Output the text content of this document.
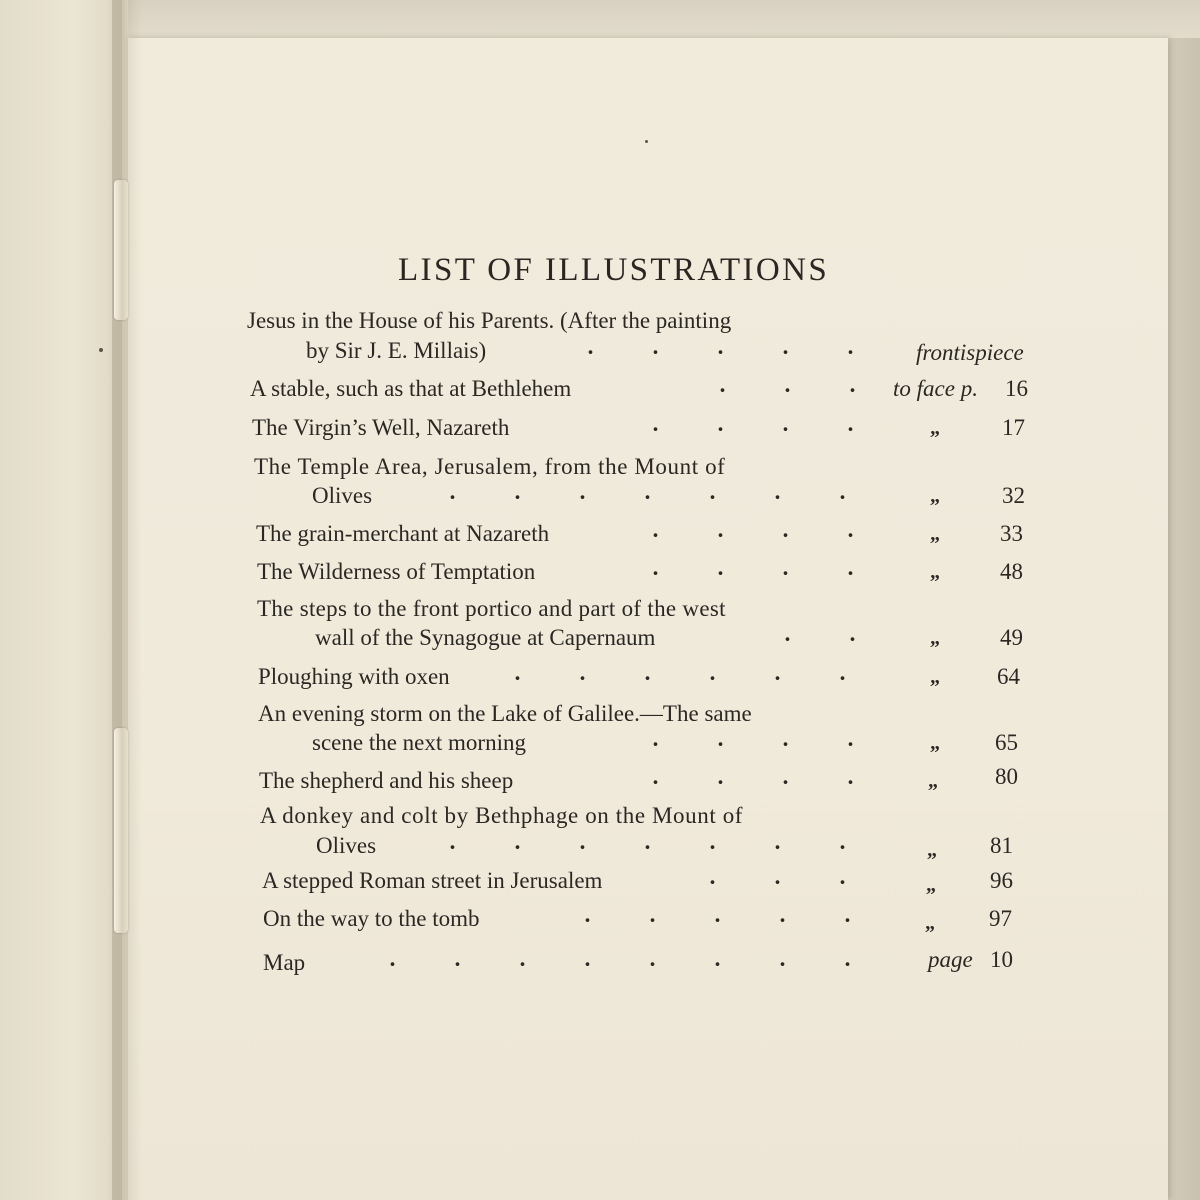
LIST OF ILLUSTRATIONS
Jesus in the House of his Parents. (After the painting
by Sir J. E. Millais)	.	.	.	.	.	frontispiece
A stable, such as that at Bethlehem	.	.	.	to face p.	16
The Virgin’s Well, Nazareth	.	.	.	.	„	17
The Temple Area, Jerusalem, from the Mount of
Olives	.	.	.	.	.	.	.	„	32
The grain-merchant at Nazareth	.	.	.	.	„	33
The Wilderness of Temptation	.	.	.	.	„	48
The steps to the front portico and part of the west
wall of the Synagogue at Capernaum	.	.	„	49
Ploughing with oxen	.	.	.	.	.	.	„	64
An evening storm on the Lake of Galilee.—The same
scene the next morning	.	.	.	.	„	65
The shepherd and his sheep	.	.	.	.	„	80
A donkey and colt by Bethphage on the Mount of
Olives	.	.	.	.	.	.	.	„	81
A stepped Roman street in Jerusalem	.	.	.	„	96
On the way to the tomb	.	.	.	.	.	„	97
Map	.	.	.	.	.	.	.	.	page 10
